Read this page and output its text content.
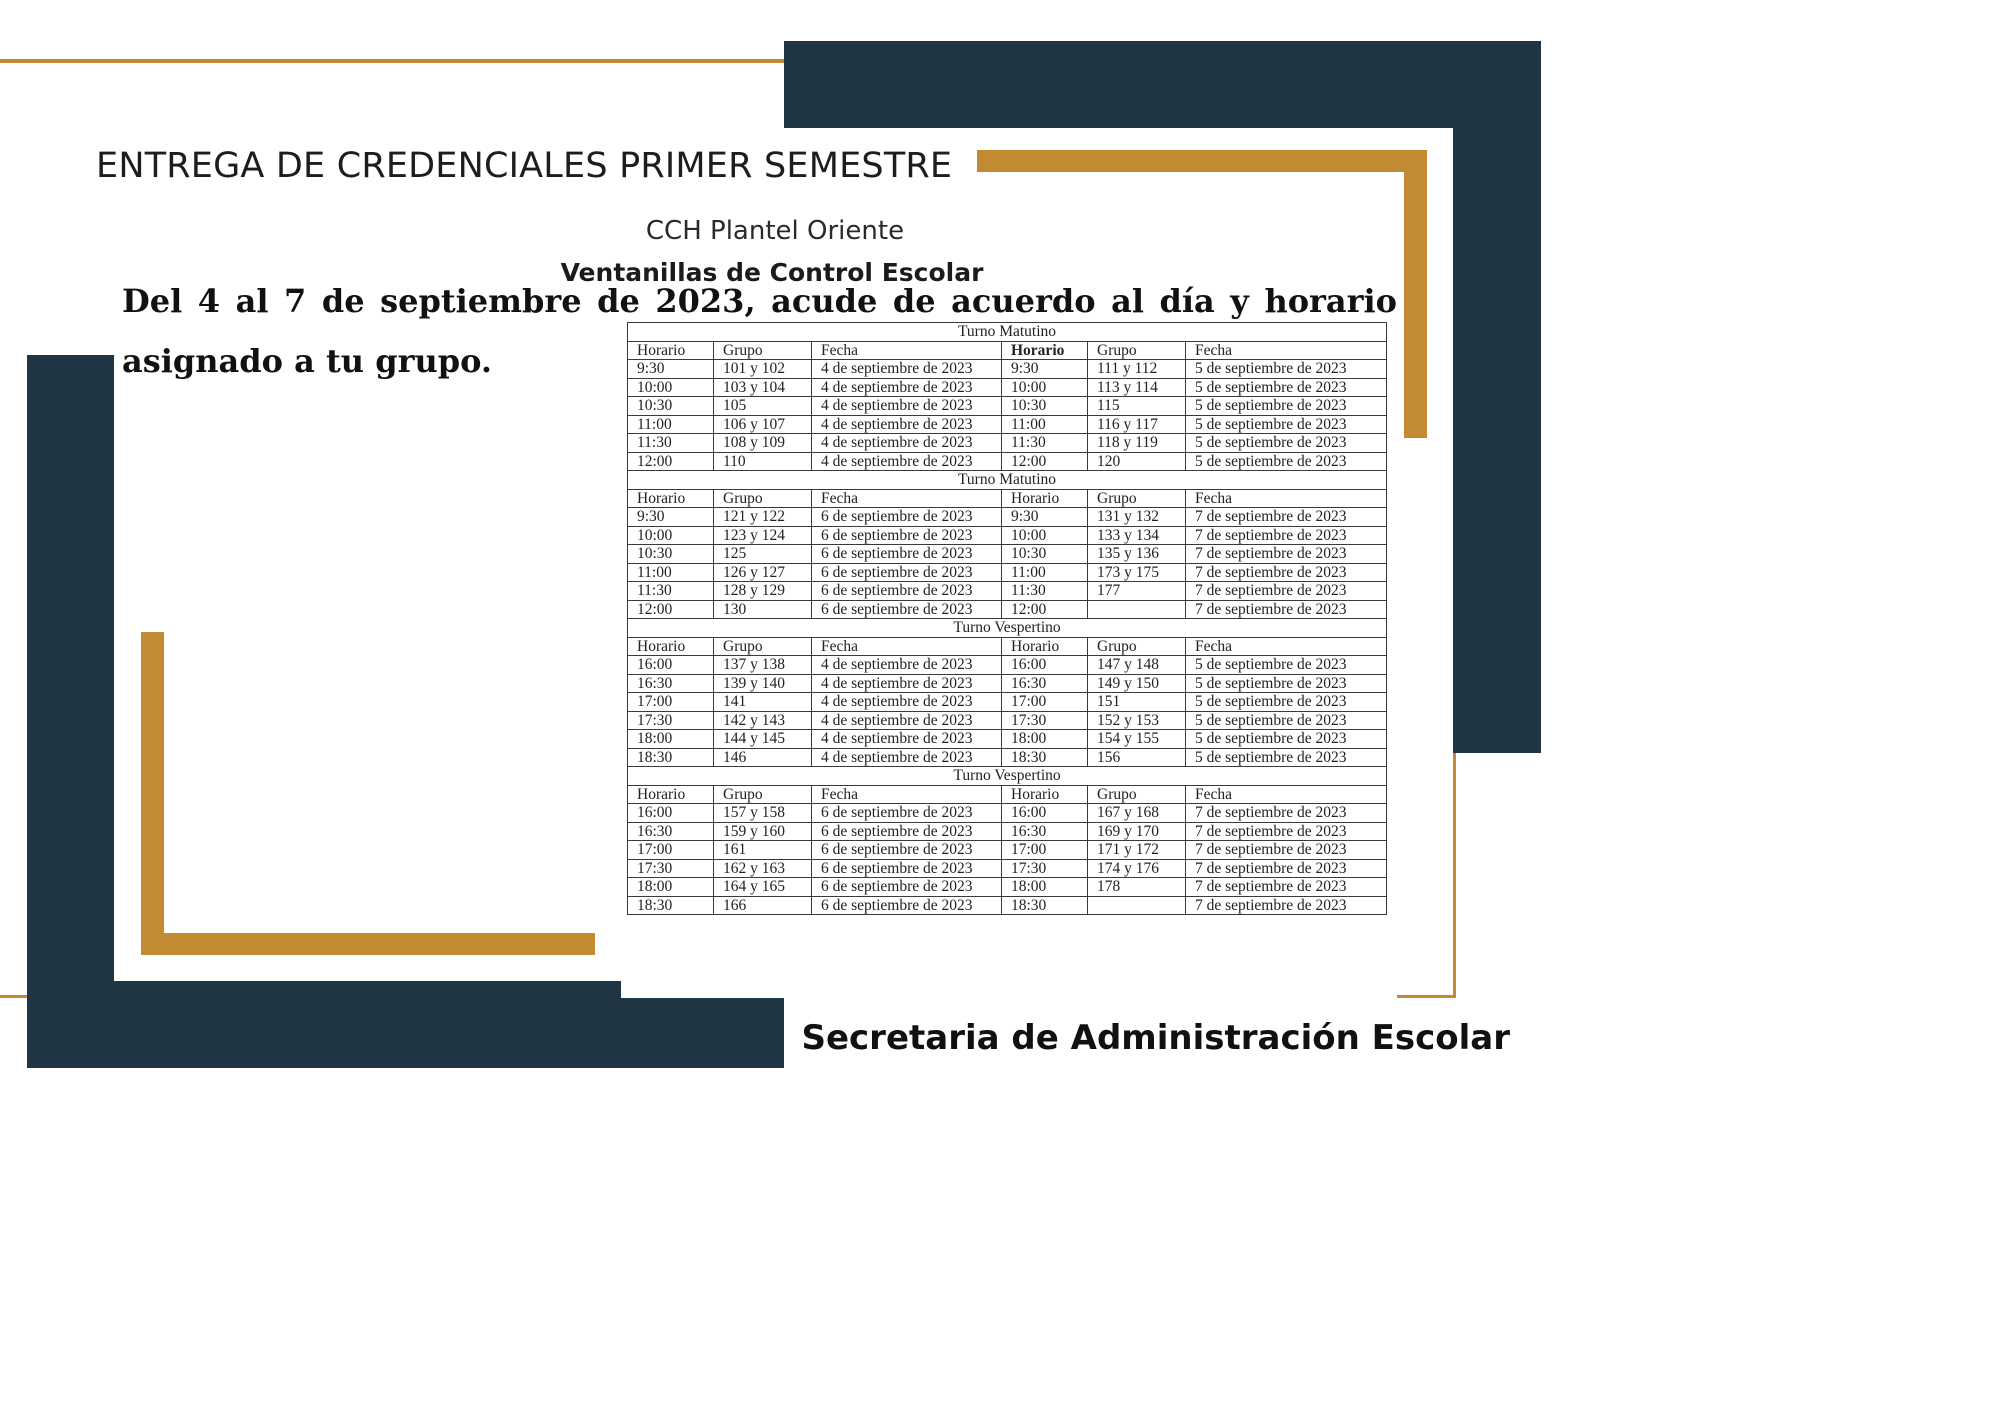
ENTREGA DE CREDENCIALES PRIMER SEMESTRE
CCH Plantel Oriente
Ventanillas de Control Escolar
Del 4 al 7 de septiembre de 2023, acude de acuerdo al día y horario
asignado a tu grupo.
Turno Matutino					
Horario	Grupo	Fecha	Horario	Grupo	Fecha
9:30	101 y 102	4 de septiembre de 2023	9:30	111 y 112	5 de septiembre de 2023
10:00	103 y 104	4 de septiembre de 2023	10:00	113 y 114	5 de septiembre de 2023
10:30	105	4 de septiembre de 2023	10:30	115	5 de septiembre de 2023
11:00	106 y 107	4 de septiembre de 2023	11:00	116 y 117	5 de septiembre de 2023
11:30	108 y 109	4 de septiembre de 2023	11:30	118 y 119	5 de septiembre de 2023
12:00	110	4 de septiembre de 2023	12:00	120	5 de septiembre de 2023
Turno Matutino					
Horario	Grupo	Fecha	Horario	Grupo	Fecha
9:30	121 y 122	6 de septiembre de 2023	9:30	131 y 132	7 de septiembre de 2023
10:00	123 y 124	6 de septiembre de 2023	10:00	133 y 134	7 de septiembre de 2023
10:30	125	6 de septiembre de 2023	10:30	135 y 136	7 de septiembre de 2023
11:00	126 y 127	6 de septiembre de 2023	11:00	173 y 175	7 de septiembre de 2023
11:30	128 y 129	6 de septiembre de 2023	11:30	177	7 de septiembre de 2023
12:00	130	6 de septiembre de 2023	12:00		7 de septiembre de 2023
Turno Vespertino					
Horario	Grupo	Fecha	Horario	Grupo	Fecha
16:00	137 y 138	4 de septiembre de 2023	16:00	147 y 148	5 de septiembre de 2023
16:30	139 y 140	4 de septiembre de 2023	16:30	149 y 150	5 de septiembre de 2023
17:00	141	4 de septiembre de 2023	17:00	151	5 de septiembre de 2023
17:30	142 y 143	4 de septiembre de 2023	17:30	152 y 153	5 de septiembre de 2023
18:00	144 y 145	4 de septiembre de 2023	18:00	154 y 155	5 de septiembre de 2023
18:30	146	4 de septiembre de 2023	18:30	156	5 de septiembre de 2023
Turno Vespertino					
Horario	Grupo	Fecha	Horario	Grupo	Fecha
16:00	157 y 158	6 de septiembre de 2023	16:00	167 y 168	7 de septiembre de 2023
16:30	159 y 160	6 de septiembre de 2023	16:30	169 y 170	7 de septiembre de 2023
17:00	161	6 de septiembre de 2023	17:00	171 y 172	7 de septiembre de 2023
17:30	162 y 163	6 de septiembre de 2023	17:30	174 y 176	7 de septiembre de 2023
18:00	164 y 165	6 de septiembre de 2023	18:00	178	7 de septiembre de 2023
18:30	166	6 de septiembre de 2023	18:30		7 de septiembre de 2023
Secretaria de Administración Escolar
